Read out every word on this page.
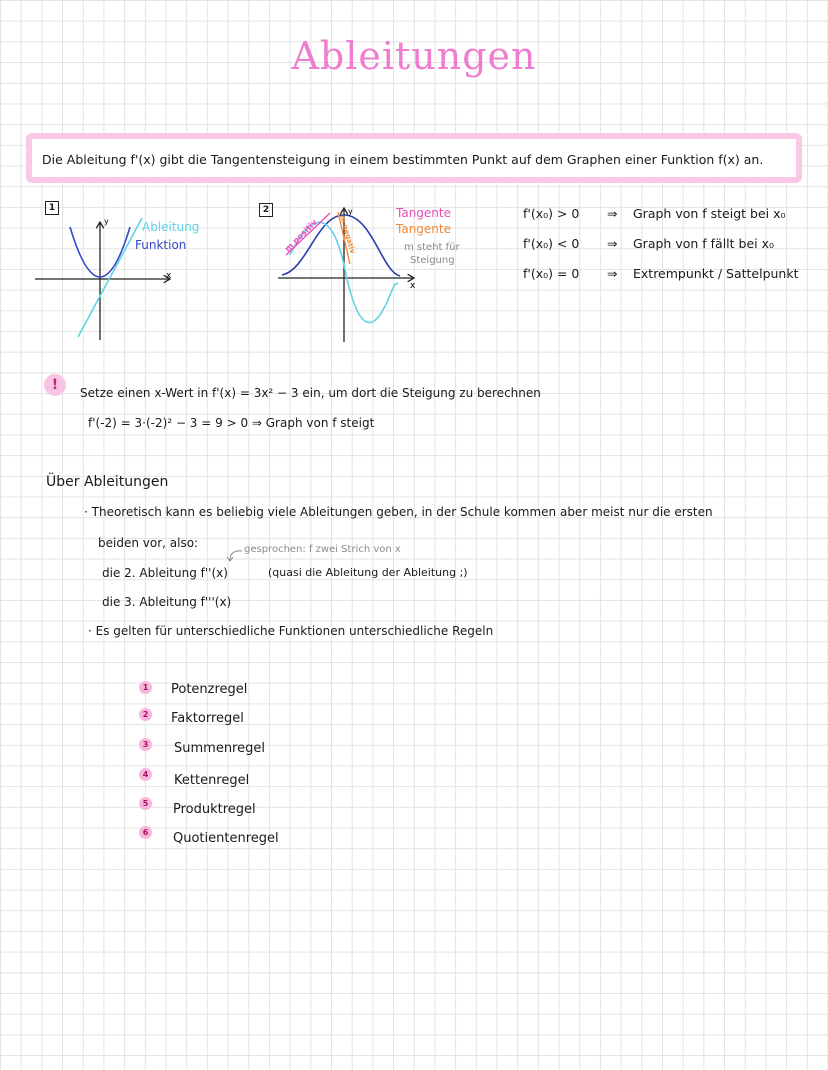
Ableitungen
Die Ableitung f'(x) gibt die Tangentensteigung in einem bestimmten Punkt auf dem Graphen einer Funktion f(x) an.
1
y
x
Ableitung
Funktion
2
m positiv	m negativ
y
x
Tangente
Tangente
m steht für
Steigung
f'(x₀) > 0 ⇒ Graph von f steigt bei x₀
f'(x₀) < 0 ⇒ Graph von f fällt bei x₀
f'(x₀) = 0 ⇒ Extrempunkt / Sattelpunkt
!	Setze einen x-Wert in f'(x) = 3x² − 3 ein, um dort die Steigung zu berechnen
f'(-2) = 3·(-2)² − 3 = 9 > 0 ⇒ Graph von f steigt
Über Ableitungen
· Theoretisch kann es beliebig viele Ableitungen geben, in der Schule kommen aber meist nur die ersten
beiden vor, also:	gesprochen: f zwei Strich von x
die 2. Ableitung f''(x)	(quasi die Ableitung der Ableitung ;)
die 3. Ableitung f'''(x)
· Es gelten für unterschiedliche Funktionen unterschiedliche Regeln
1 Potenzregel
2 Faktorregel
3 Summenregel
4 Kettenregel
5 Produktregel
6 Quotientenregel
